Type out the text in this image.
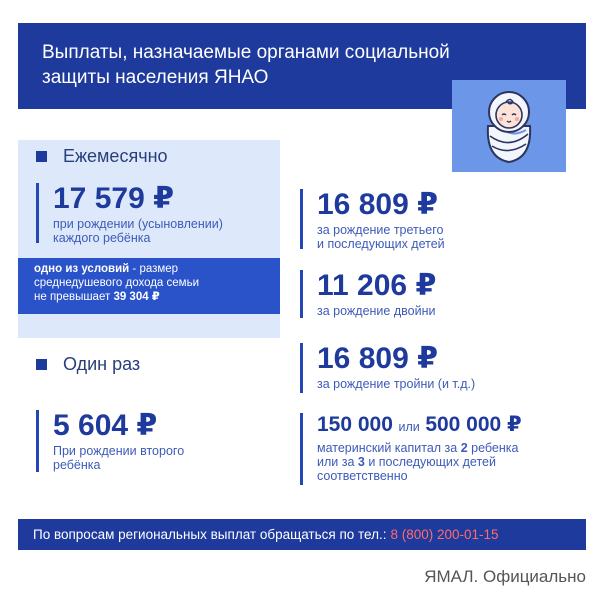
Выплаты, назначаемые органами социальной защиты населения ЯНАО
Ежемесячно
17 579 ₽
при рождении (усыновлении)
каждого ребёнка
одно из условий - размер
среднедушевого дохода семьи
не превышает 39 304 ₽
Один раз
5 604 ₽
При рождении второго
ребёнка
16 809 ₽
за рождение третьего
и последующих детей
11 206 ₽
за рождение двойни
16 809 ₽
за рождение тройни (и т.д.)
150 000 или 500 000 ₽
материнский капитал за 2 ребенка
или за 3 и последующих детей
соответственно
По вопросам региональных выплат обращаться по тел.: 8 (800) 200-01-15
ЯМАЛ. Официально
